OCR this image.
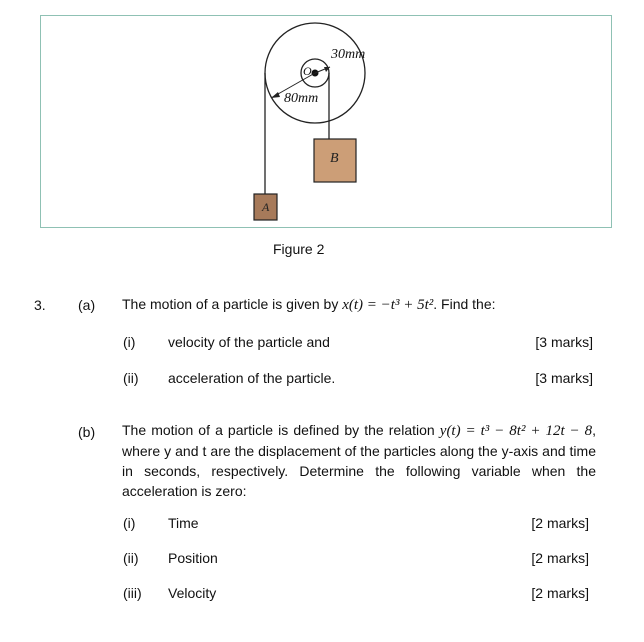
O
30mm
80mm
A
B
Figure 2
3. (a) The motion of a particle is given by x(t) = −t³ + 5t². Find the:
(i) velocity of the particle and	[3 marks]
(ii) acceleration of the particle.	[3 marks]
(b) The motion of a particle is defined by the relation y(t) = t³ − 8t² + 12t − 8, where y and t are the displacement of the particles along the y-axis and time in seconds, respectively. Determine the following variable when the acceleration is zero:
(i) Time	[2 marks]
(ii) Position	[2 marks]
(iii) Velocity	[2 marks]
